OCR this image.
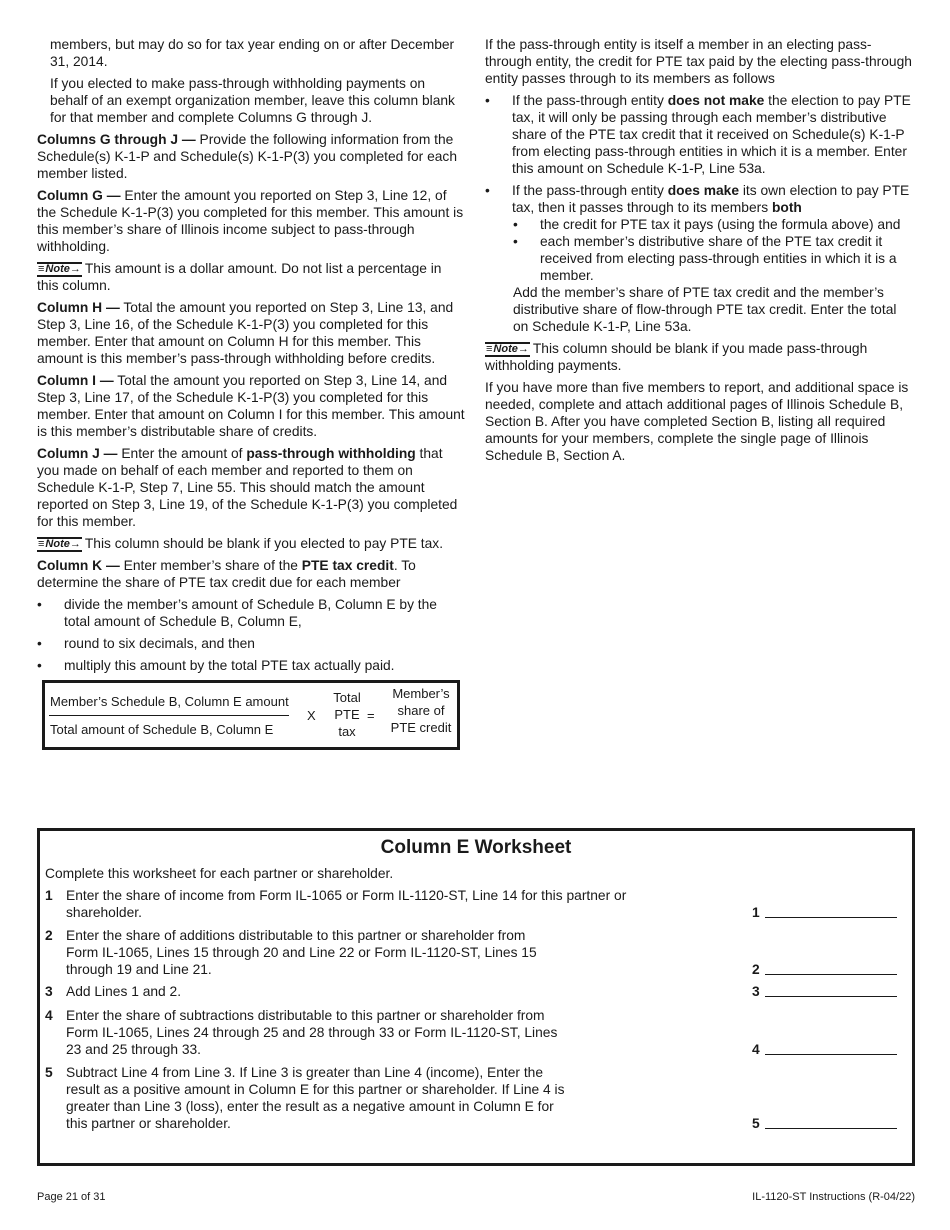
members, but may do so for tax year ending on or after December 31, 2014.

If you elected to make pass-through withholding payments on behalf of an exempt organization member, leave this column blank for that member and complete Columns G through J.

Columns G through J — Provide the following information from the Schedule(s) K-1-P and Schedule(s) K-1-P(3) you completed for each member listed.

Column G — Enter the amount you reported on Step 3, Line 12, of the Schedule K-1-P(3) you completed for this member. This amount is this member’s share of Illinois income subject to pass-through withholding.

≡Note→ This amount is a dollar amount. Do not list a percentage in this column.

Column H — Total the amount you reported on Step 3, Line 13, and Step 3, Line 16, of the Schedule K-1-P(3) you completed for this member. Enter that amount on Column H for this member. This amount is this member’s pass-through withholding before credits.

Column I — Total the amount you reported on Step 3, Line 14, and Step 3, Line 17, of the Schedule K-1-P(3) you completed for this member. Enter that amount on Column I for this member. This amount is this member’s distributable share of credits.

Column J — Enter the amount of pass-through withholding that you made on behalf of each member and reported to them on Schedule K-1-P, Step 7, Line 55. This should match the amount reported on Step 3, Line 19, of the Schedule K-1-P(3) you completed for this member.

≡Note→ This column should be blank if you elected to pay PTE tax.

Column K — Enter member’s share of the PTE tax credit. To determine the share of PTE tax credit due for each member

• divide the member’s amount of Schedule B, Column E by the total amount of Schedule B, Column E,
• round to six decimals, and then
• multiply this amount by the total PTE tax actually paid.
Member’s Schedule B, Column E amount
Total amount of Schedule B, Column E
X
Total
PTE
tax
=
Member’s
share of
PTE credit

If the pass-through entity is itself a member in an electing pass-through entity, the credit for PTE tax paid by the electing pass-through entity passes through to its members as follows

• If the pass-through entity does not make the election to pay PTE tax, it will only be passing through each member’s distributive share of the PTE tax credit that it received on Schedule(s) K-1-P from electing pass-through entities in which it is a member. Enter this amount on Schedule K-1-P, Line 53a.
• If the pass-through entity does make its own election to pay PTE tax, then it passes through to its members both
• the credit for PTE tax it pays (using the formula above) and
• each member’s distributive share of the PTE tax credit it received from electing pass-through entities in which it is a member.

Add the member’s share of PTE tax credit and the member’s distributive share of flow-through PTE tax credit. Enter the total on Schedule K-1-P, Line 53a.

≡Note→ This column should be blank if you made pass-through withholding payments.

If you have more than five members to report, and additional space is needed, complete and attach additional pages of Illinois Schedule B, Section B. After you have completed Section B, listing all required amounts for your members, complete the single page of Illinois Schedule B, Section A.

Column E Worksheet
Complete this worksheet for each partner or shareholder.
1 Enter the share of income from Form IL-1065 or Form IL-1120-ST, Line 14 for this partner or shareholder.	1
2 Enter the share of additions distributable to this partner or shareholder from Form IL-1065, Lines 15 through 20 and Line 22 or Form IL-1120-ST, Lines 15 through 19 and Line 21.	2
3 Add Lines 1 and 2.	3
4 Enter the share of subtractions distributable to this partner or shareholder from Form IL-1065, Lines 24 through 25 and 28 through 33 or Form IL-1120-ST, Lines 23 and 25 through 33.	4
5 Subtract Line 4 from Line 3. If Line 3 is greater than Line 4 (income), Enter the result as a positive amount in Column E for this partner or shareholder. If Line 4 is greater than Line 3 (loss), enter the result as a negative amount in Column E for this partner or shareholder.	5
Page 21 of 31	IL-1120-ST Instructions (R-04/22)
